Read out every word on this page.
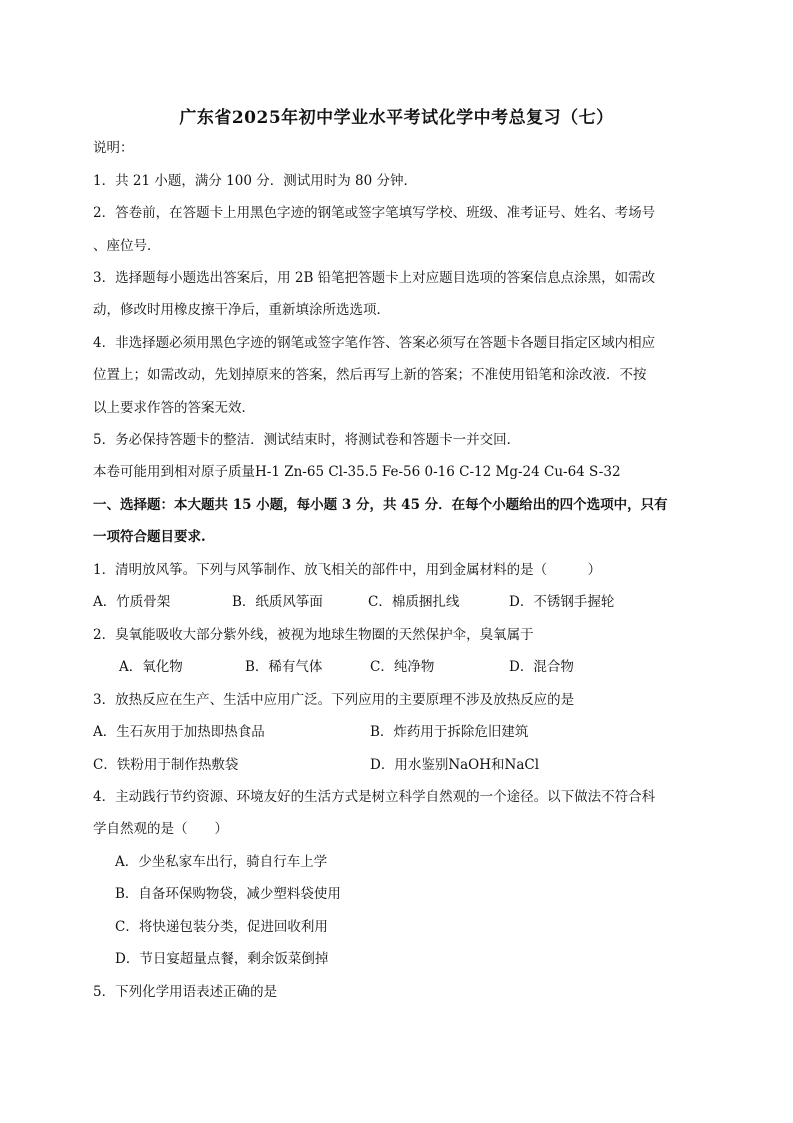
广东省2025年初中学业水平考试化学中考总复习（七）
说明：
1．共 21 小题，满分 100 分．测试用时为 80 分钟．
2．答卷前，在答题卡上用黑色字迹的钢笔或签字笔填写学校、班级、准考证号、姓名、考场号
、座位号．
3．选择题每小题选出答案后，用 2B 铅笔把答题卡上对应题目选项的答案信息点涂黑，如需改
动，修改时用橡皮擦干净后，重新填涂所选选项．
4．非选择题必须用黑色字迹的钢笔或签字笔作答、答案必须写在答题卡各题目指定区域内相应
位置上；如需改动，先划掉原来的答案，然后再写上新的答案；不准使用铅笔和涂改液．不按
以上要求作答的答案无效．
5．务必保持答题卡的整洁．测试结束时，将测试卷和答题卡一并交回．
本卷可能用到相对原子质量H-1 Zn-65 Cl-35.5 Fe-56 0-16 C-12 Mg-24 Cu-64 S-32
一、选择题：本大题共 15 小题，每小题 3 分，共 45 分．在每个小题给出的四个选项中，只有
一项符合题目要求.
1．清明放风筝。下列与风筝制作、放飞相关的部件中，用到金属材料的是（　　　）
A．竹质骨架	B．纸质风筝面	C．棉质捆扎线	D．不锈钢手握轮
2．臭氧能吸收大部分紫外线，被视为地球生物圈的天然保护伞，臭氧属于
A．氧化物	B．稀有气体	C．纯净物	D．混合物
3．放热反应在生产、生活中应用广泛。下列应用的主要原理不涉及放热反应的是
A．生石灰用于加热即热食品	B．炸药用于拆除危旧建筑
C．铁粉用于制作热敷袋	D．用水鉴别NaOH和NaCl
4．主动践行节约资源、环境友好的生活方式是树立科学自然观的一个途径。以下做法不符合科
学自然观的是（　　）
A．少坐私家车出行，骑自行车上学
B．自备环保购物袋，减少塑料袋使用
C．将快递包装分类，促进回收利用
D．节日宴超量点餐，剩余饭菜倒掉
5．下列化学用语表述正确的是
